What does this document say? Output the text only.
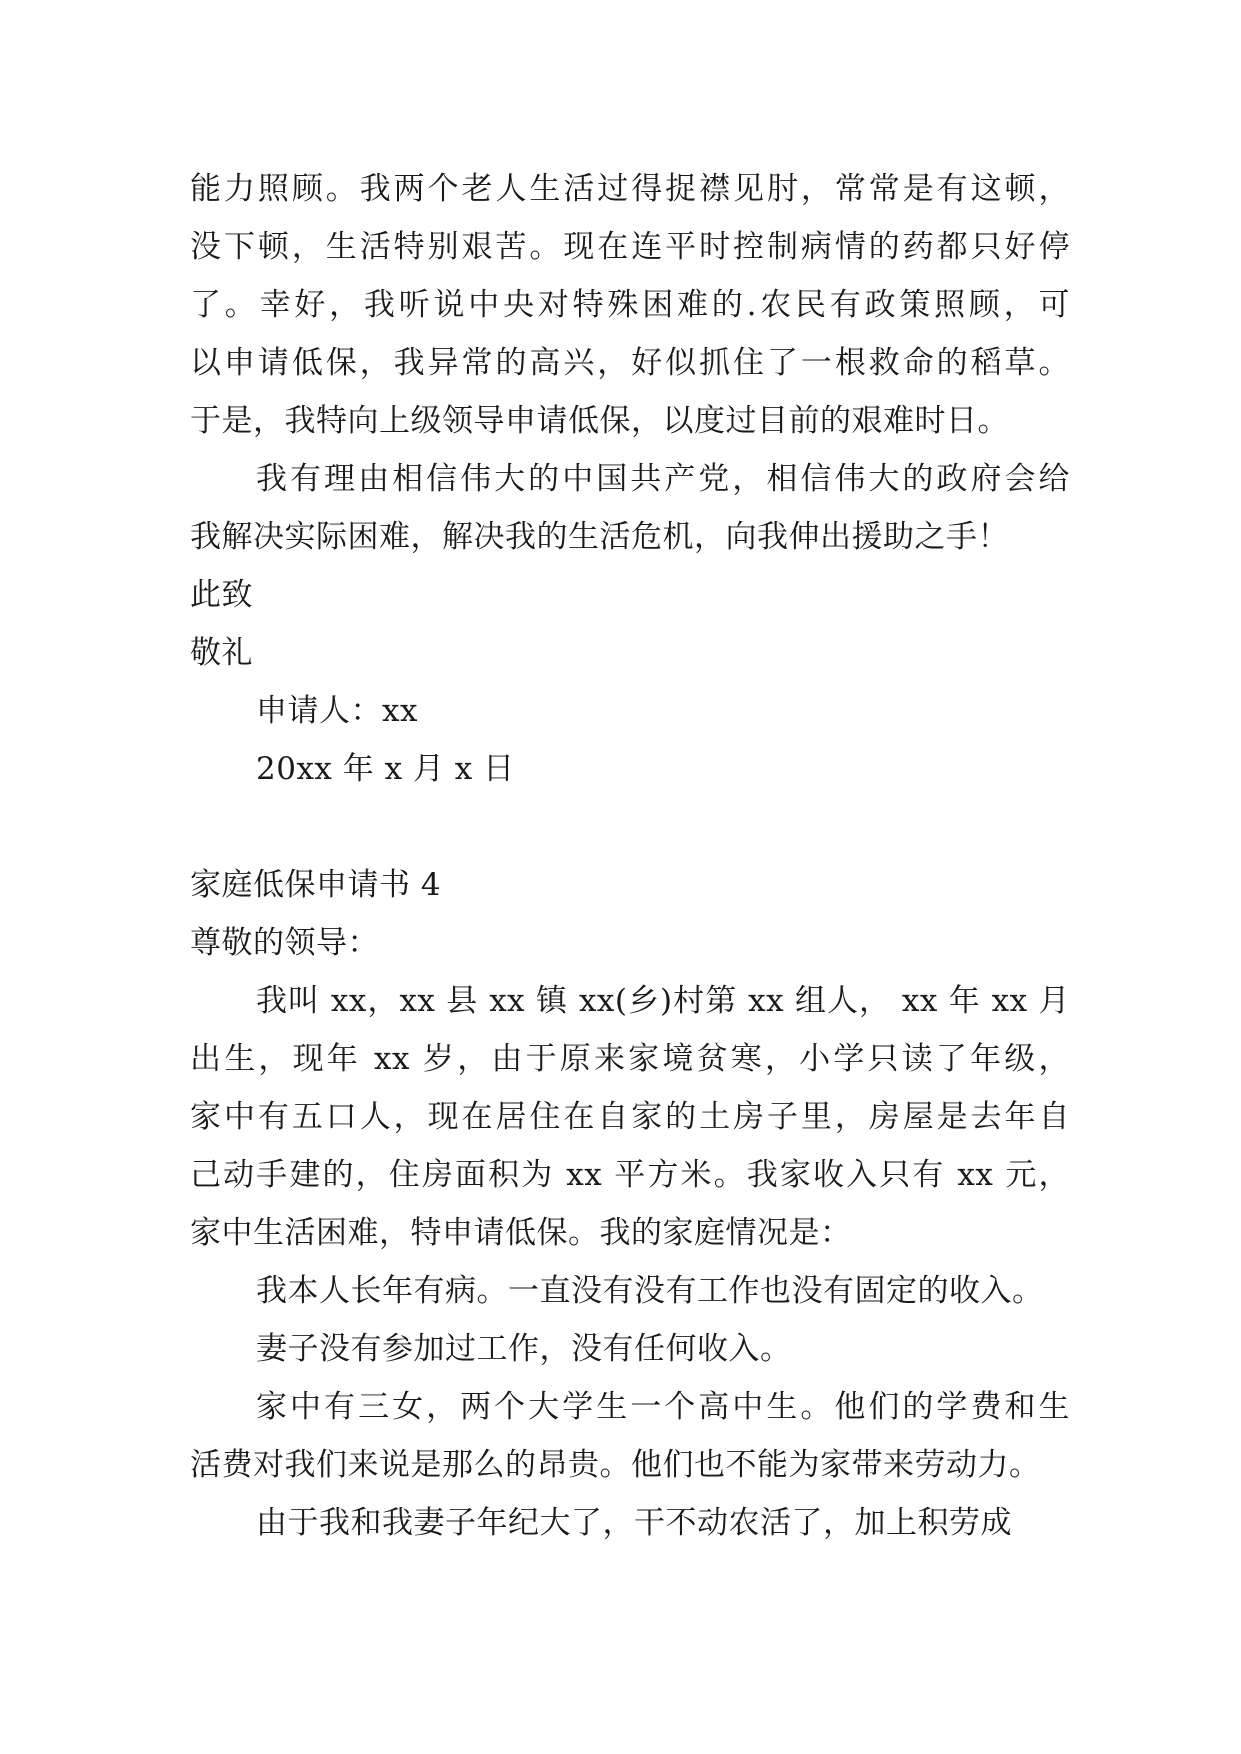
能力照顾。我两个老人生活过得捉襟见肘，常常是有这顿，
没下顿，生活特别艰苦。现在连平时控制病情的药都只好停
了。幸好，我听说中央对特殊困难的.农民有政策照顾，可
以申请低保，我异常的高兴，好似抓住了一根救命的稻草。
于是，我特向上级领导申请低保，以度过目前的艰难时日。
我有理由相信伟大的中国共产党，相信伟大的政府会给
我解决实际困难，解决我的生活危机，向我伸出援助之手！
此致
敬礼
申请人：xx
20xx 年 x 月 x 日
家庭低保申请书 4
尊敬的领导：
我叫 xx，xx 县 xx 镇 xx(乡)村第 xx 组人， xx 年 xx 月
出生，现年 xx 岁，由于原来家境贫寒，小学只读了年级，
家中有五口人，现在居住在自家的土房子里，房屋是去年自
己动手建的，住房面积为 xx 平方米。我家收入只有 xx 元，
家中生活困难，特申请低保。我的家庭情况是：
我本人长年有病。一直没有没有工作也没有固定的收入。
妻子没有参加过工作，没有任何收入。
家中有三女，两个大学生一个高中生。他们的学费和生
活费对我们来说是那么的昂贵。他们也不能为家带来劳动力。
由于我和我妻子年纪大了，干不动农活了，加上积劳成
